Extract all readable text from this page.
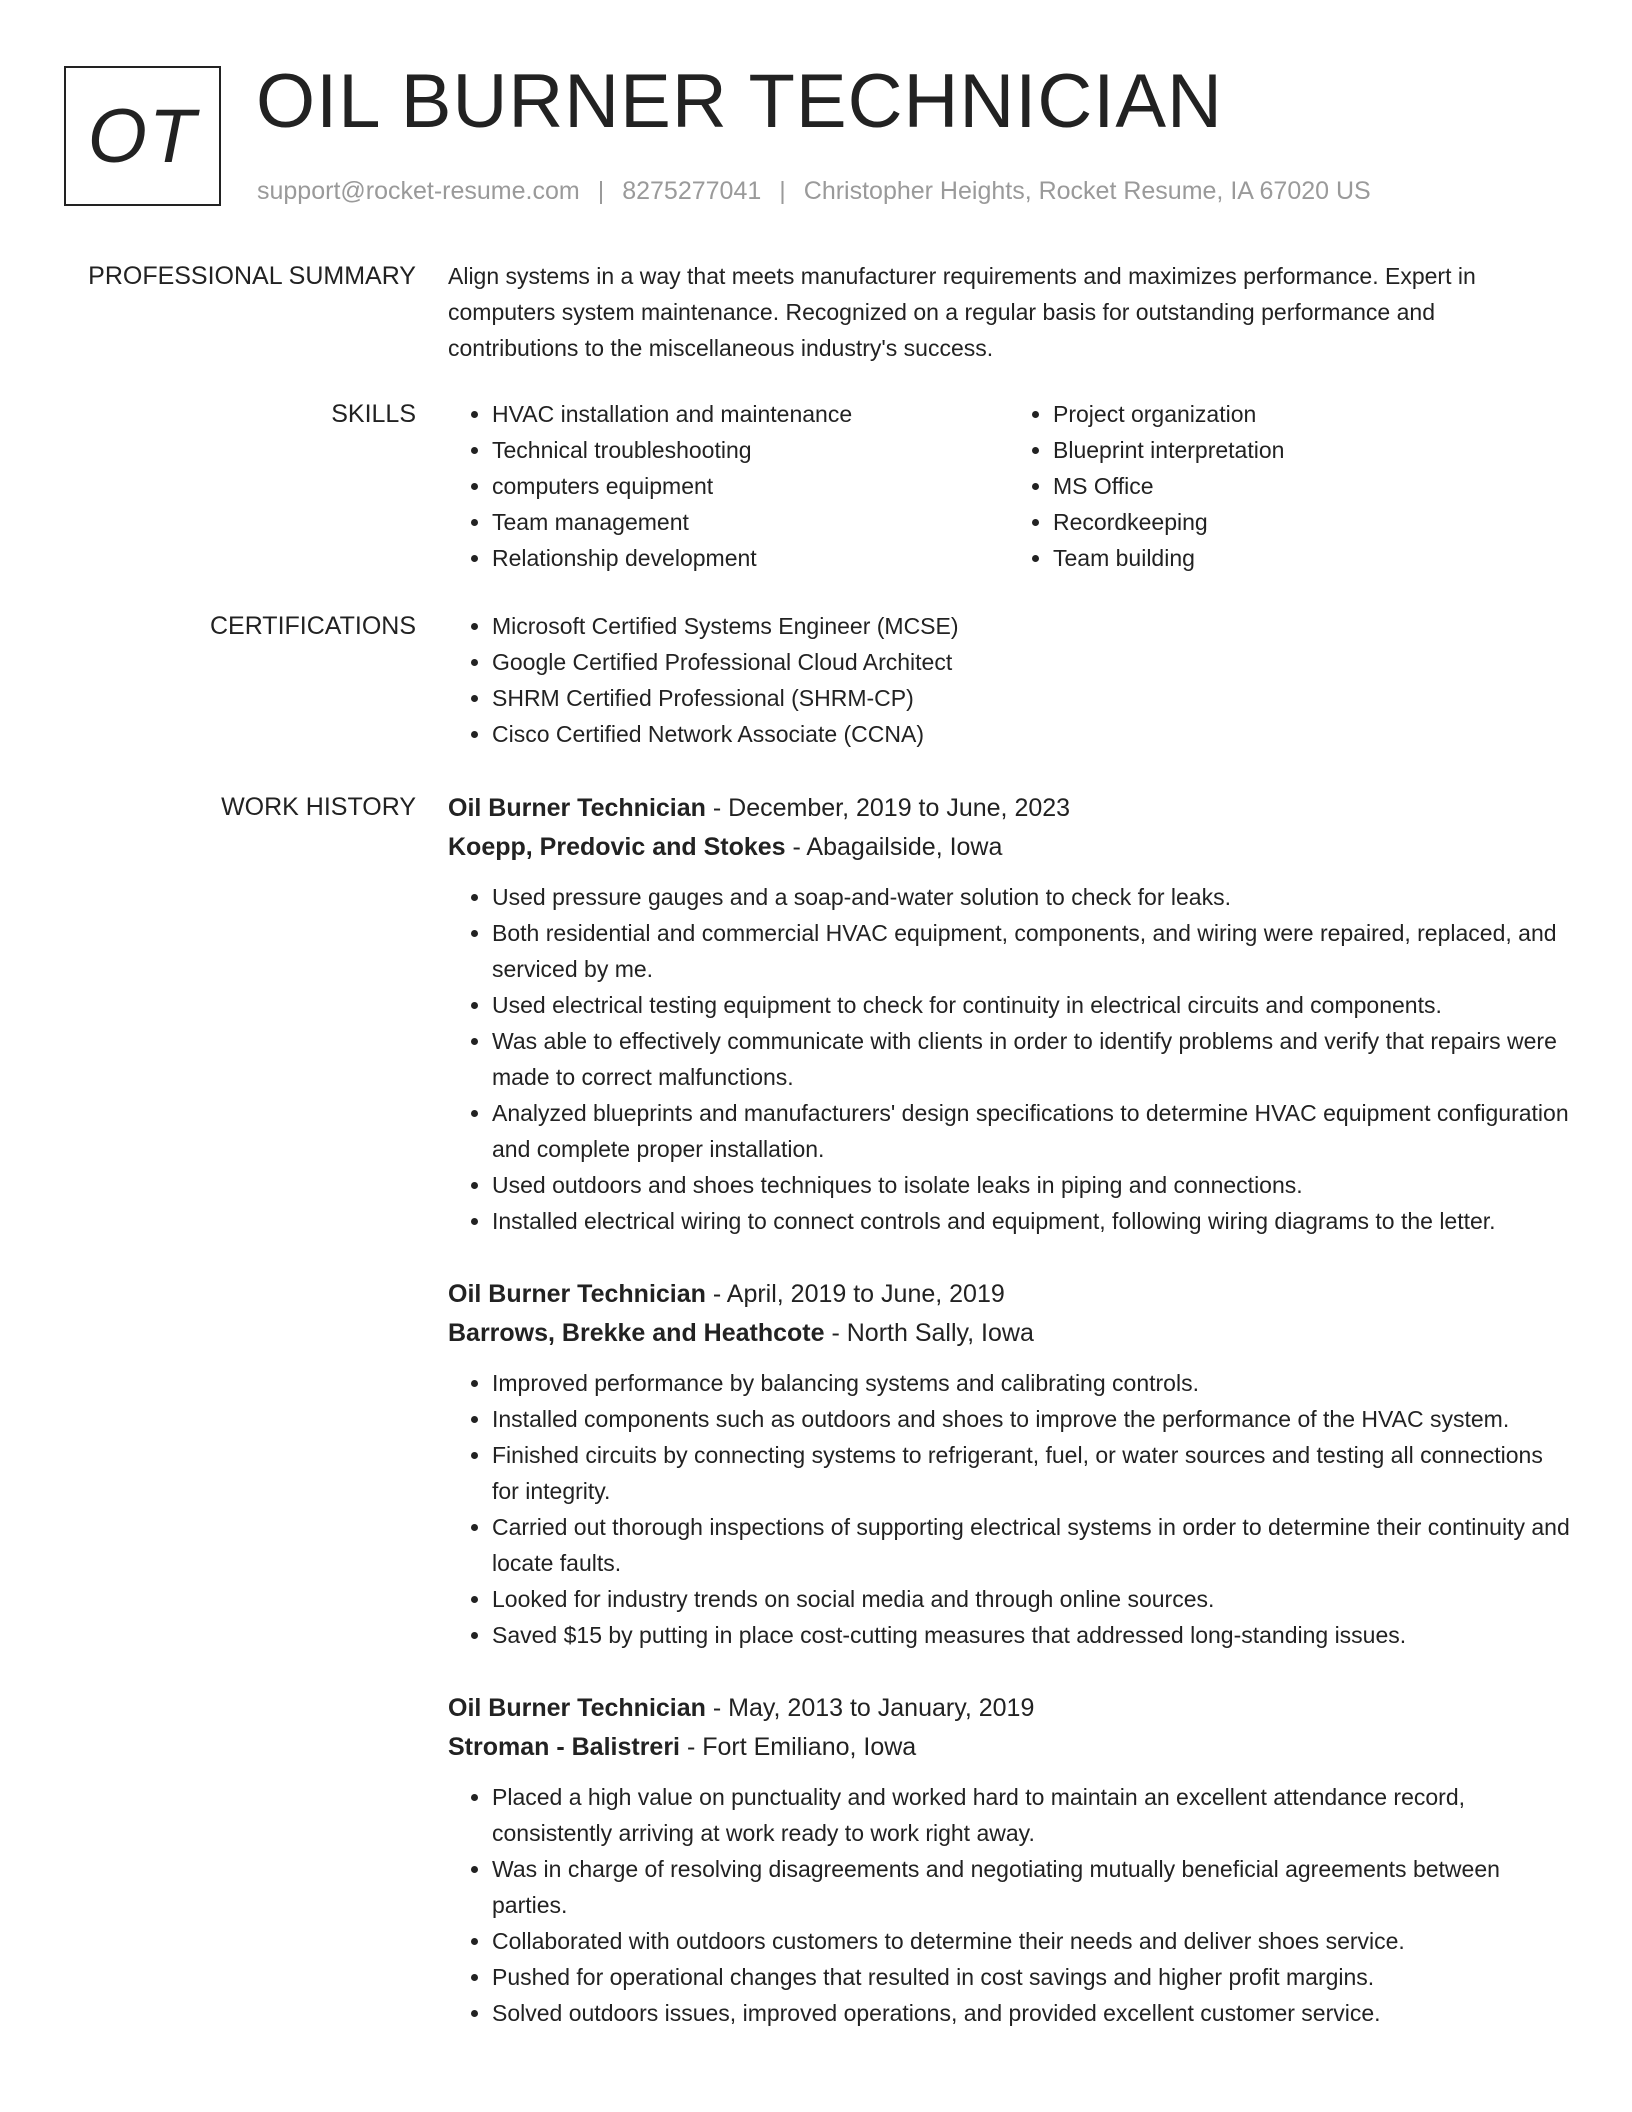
OT OIL BURNER TECHNICIAN
support@rocket-resume.com | 8275277041 | Christopher Heights, Rocket Resume, IA 67020 US
PROFESSIONAL SUMMARY Align systems in a way that meets manufacturer requirements and maximizes performance. Expert in computers system maintenance. Recognized on a regular basis for outstanding performance and contributions to the miscellaneous industry's success.

SKILLS	• HVAC installation and maintenance
• Technical troubleshooting
• computers equipment
• Team management
• Relationship development
• Project organization
• Blueprint interpretation
• MS Office
• Recordkeeping
• Team building
CERTIFICATIONS	• Microsoft Certified Systems Engineer (MCSE)
• Google Certified Professional Cloud Architect
• SHRM Certified Professional (SHRM-CP)
• Cisco Certified Network Associate (CCNA)
WORK HISTORY Oil Burner Technician - December, 2019 to June, 2023
Koepp, Predovic and Stokes - Abagailside, Iowa
• Used pressure gauges and a soap-and-water solution to check for leaks.
• Both residential and commercial HVAC equipment, components, and wiring were repaired, replaced, and serviced by me.
• Used electrical testing equipment to check for continuity in electrical circuits and components.
• Was able to effectively communicate with clients in order to identify problems and verify that repairs were made to correct malfunctions.
• Analyzed blueprints and manufacturers' design specifications to determine HVAC equipment configuration and complete proper installation.
• Used outdoors and shoes techniques to isolate leaks in piping and connections.
• Installed electrical wiring to connect controls and equipment, following wiring diagrams to the letter.
Oil Burner Technician - April, 2019 to June, 2019
Barrows, Brekke and Heathcote - North Sally, Iowa
• Improved performance by balancing systems and calibrating controls.
• Installed components such as outdoors and shoes to improve the performance of the HVAC system.
• Finished circuits by connecting systems to refrigerant, fuel, or water sources and testing all connections for integrity.
• Carried out thorough inspections of supporting electrical systems in order to determine their continuity and locate faults.
• Looked for industry trends on social media and through online sources.
• Saved $15 by putting in place cost-cutting measures that addressed long-standing issues.
Oil Burner Technician - May, 2013 to January, 2019
Stroman - Balistreri - Fort Emiliano, Iowa
• Placed a high value on punctuality and worked hard to maintain an excellent attendance record, consistently arriving at work ready to work right away.
• Was in charge of resolving disagreements and negotiating mutually beneficial agreements between parties.
• Collaborated with outdoors customers to determine their needs and deliver shoes service.
• Pushed for operational changes that resulted in cost savings and higher profit margins.
• Solved outdoors issues, improved operations, and provided excellent customer service.
